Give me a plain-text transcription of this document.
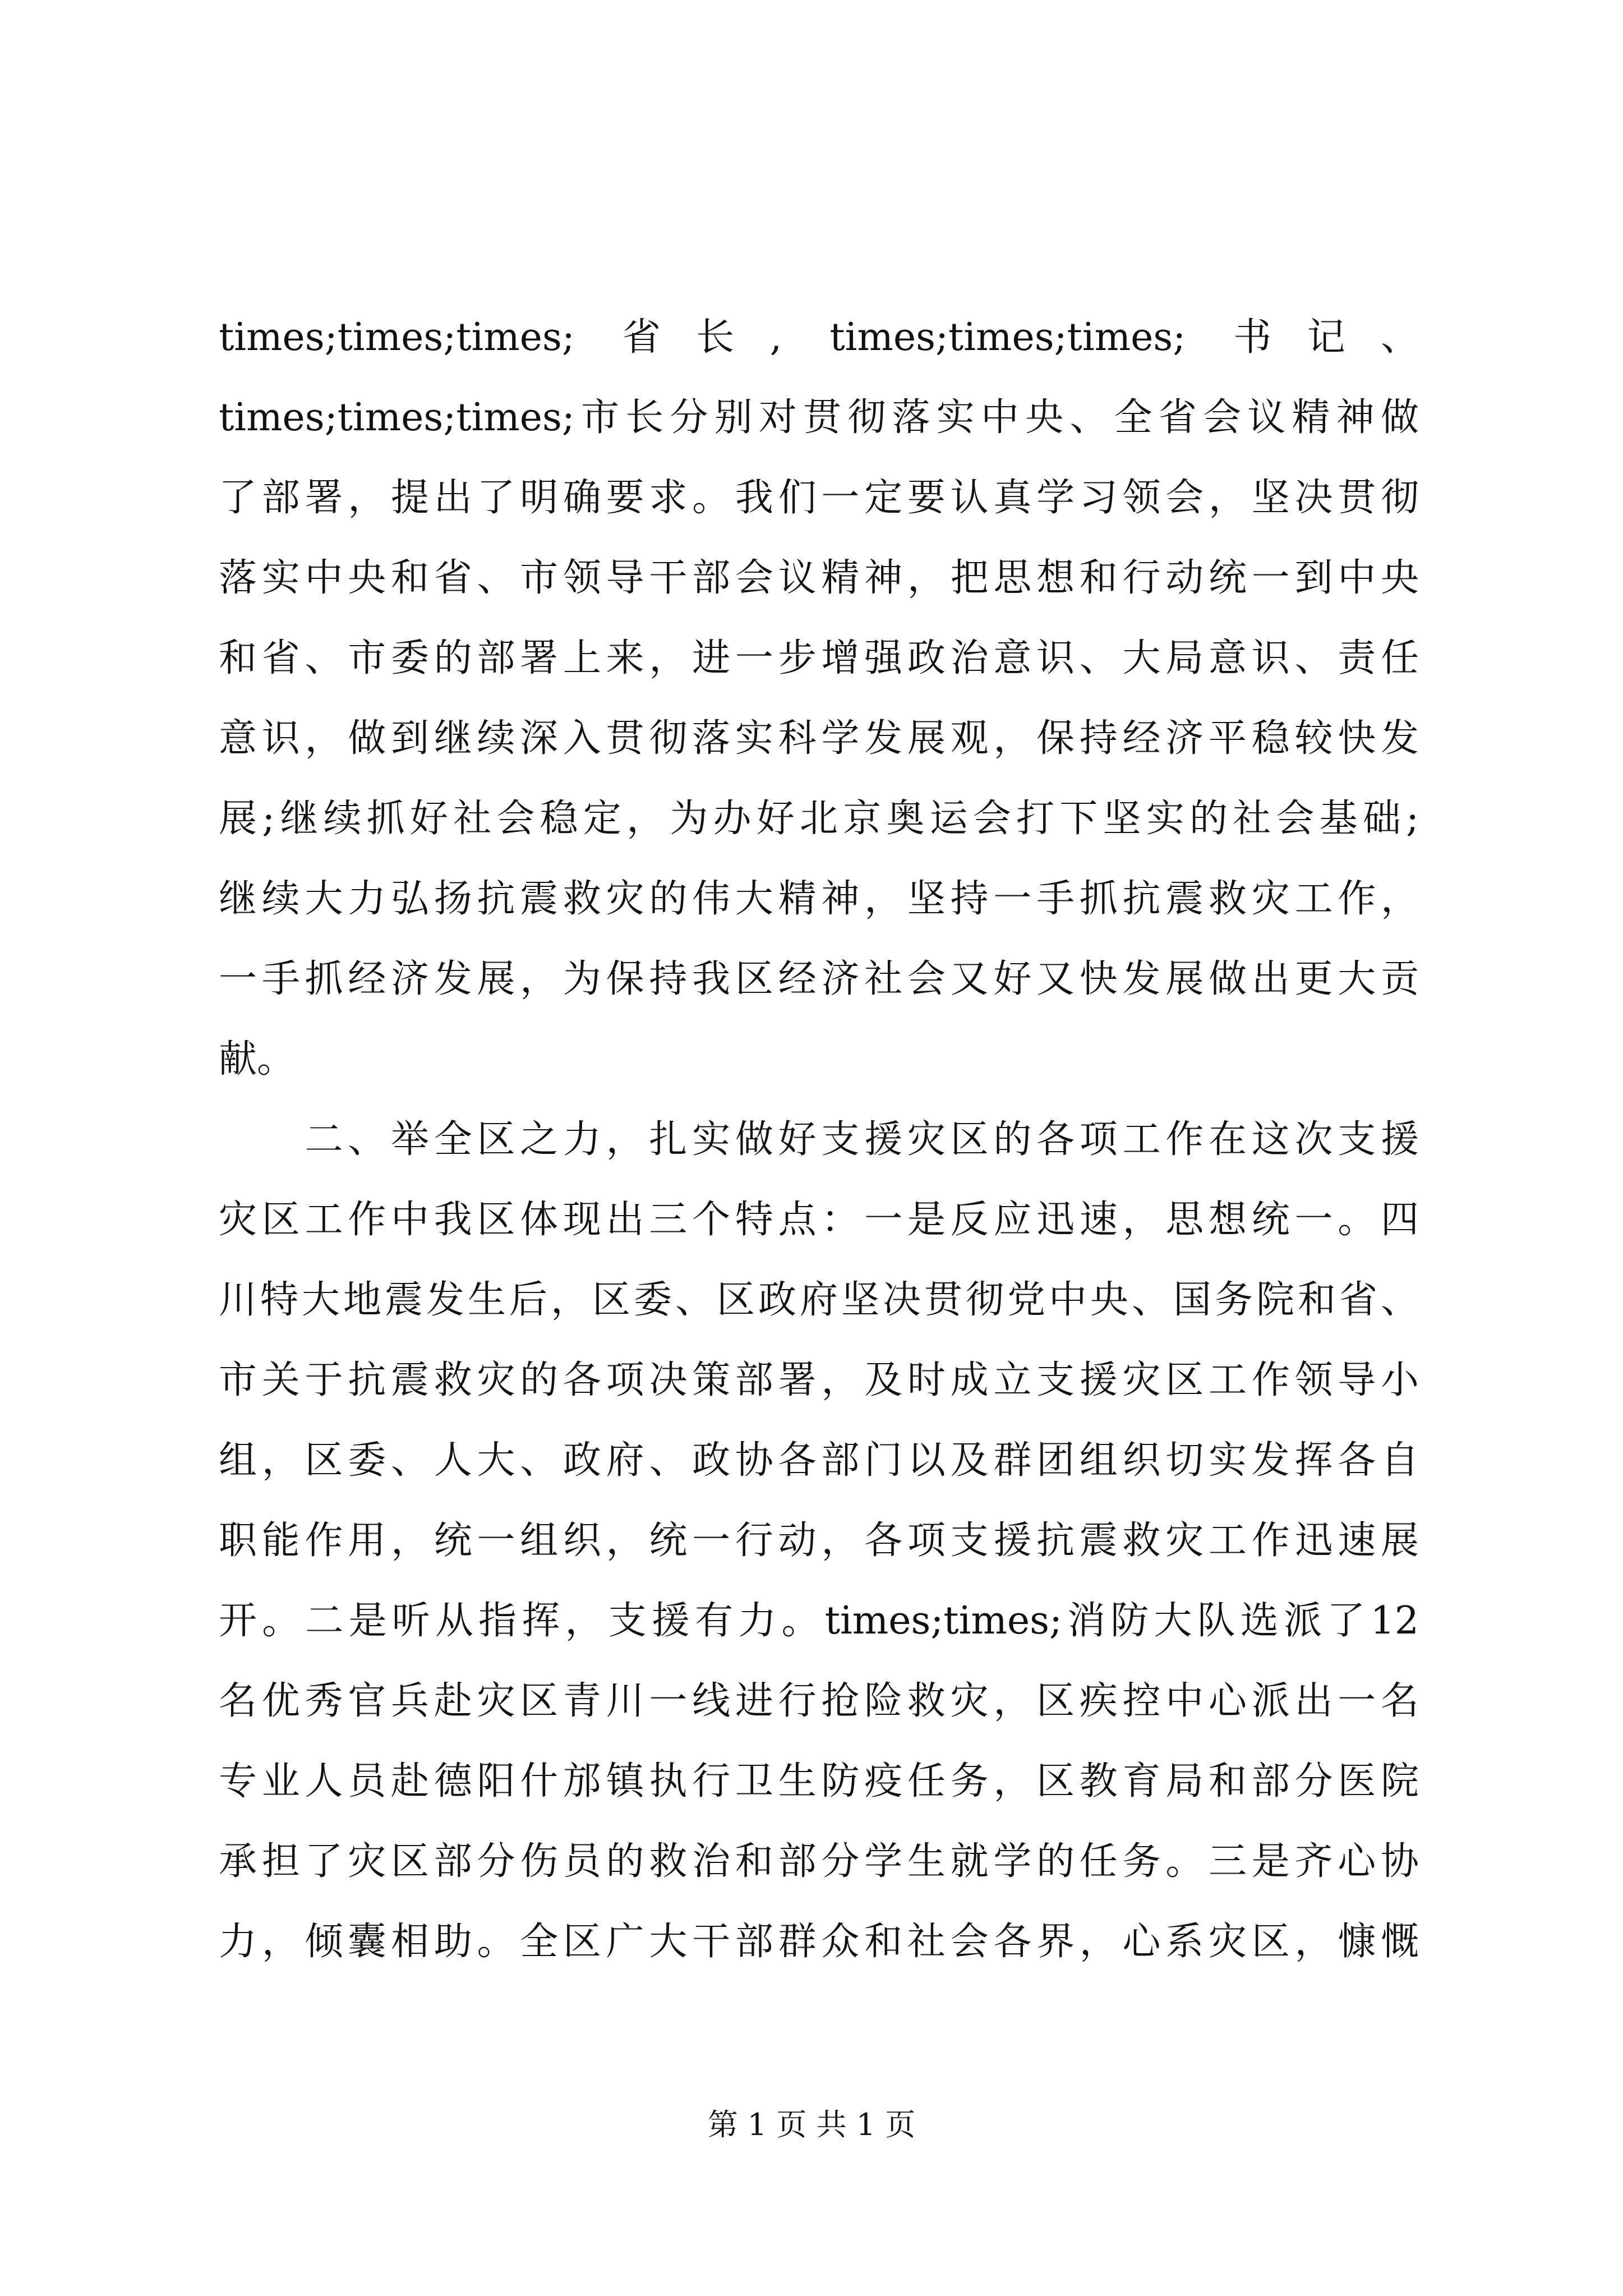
times;times;times; 省长, times;times;times; 书记、
times;times;times;市长分别对贯彻落实中央、全省会议精神做
了部署，提出了明确要求。我们一定要认真学习领会，坚决贯彻
落实中央和省、市领导干部会议精神，把思想和行动统一到中央
和省、市委的部署上来，进一步增强政治意识、大局意识、责任
意识，做到继续深入贯彻落实科学发展观，保持经济平稳较快发
展;继续抓好社会稳定，为办好北京奥运会打下坚实的社会基础;
继续大力弘扬抗震救灾的伟大精神，坚持一手抓抗震救灾工作，
一手抓经济发展，为保持我区经济社会又好又快发展做出更大贡
献。
　　二、举全区之力，扎实做好支援灾区的各项工作在这次支援
灾区工作中我区体现出三个特点：一是反应迅速，思想统一。四
川特大地震发生后，区委、区政府坚决贯彻党中央、国务院和省、
市关于抗震救灾的各项决策部署，及时成立支援灾区工作领导小
组，区委、人大、政府、政协各部门以及群团组织切实发挥各自
职能作用，统一组织，统一行动，各项支援抗震救灾工作迅速展
开。二是听从指挥，支援有力。times;times;消防大队选派了12
名优秀官兵赴灾区青川一线进行抢险救灾，区疾控中心派出一名
专业人员赴德阳什邡镇执行卫生防疫任务，区教育局和部分医院
承担了灾区部分伤员的救治和部分学生就学的任务。三是齐心协
力，倾囊相助。全区广大干部群众和社会各界，心系灾区，慷慨
第 1 页 共 1 页
